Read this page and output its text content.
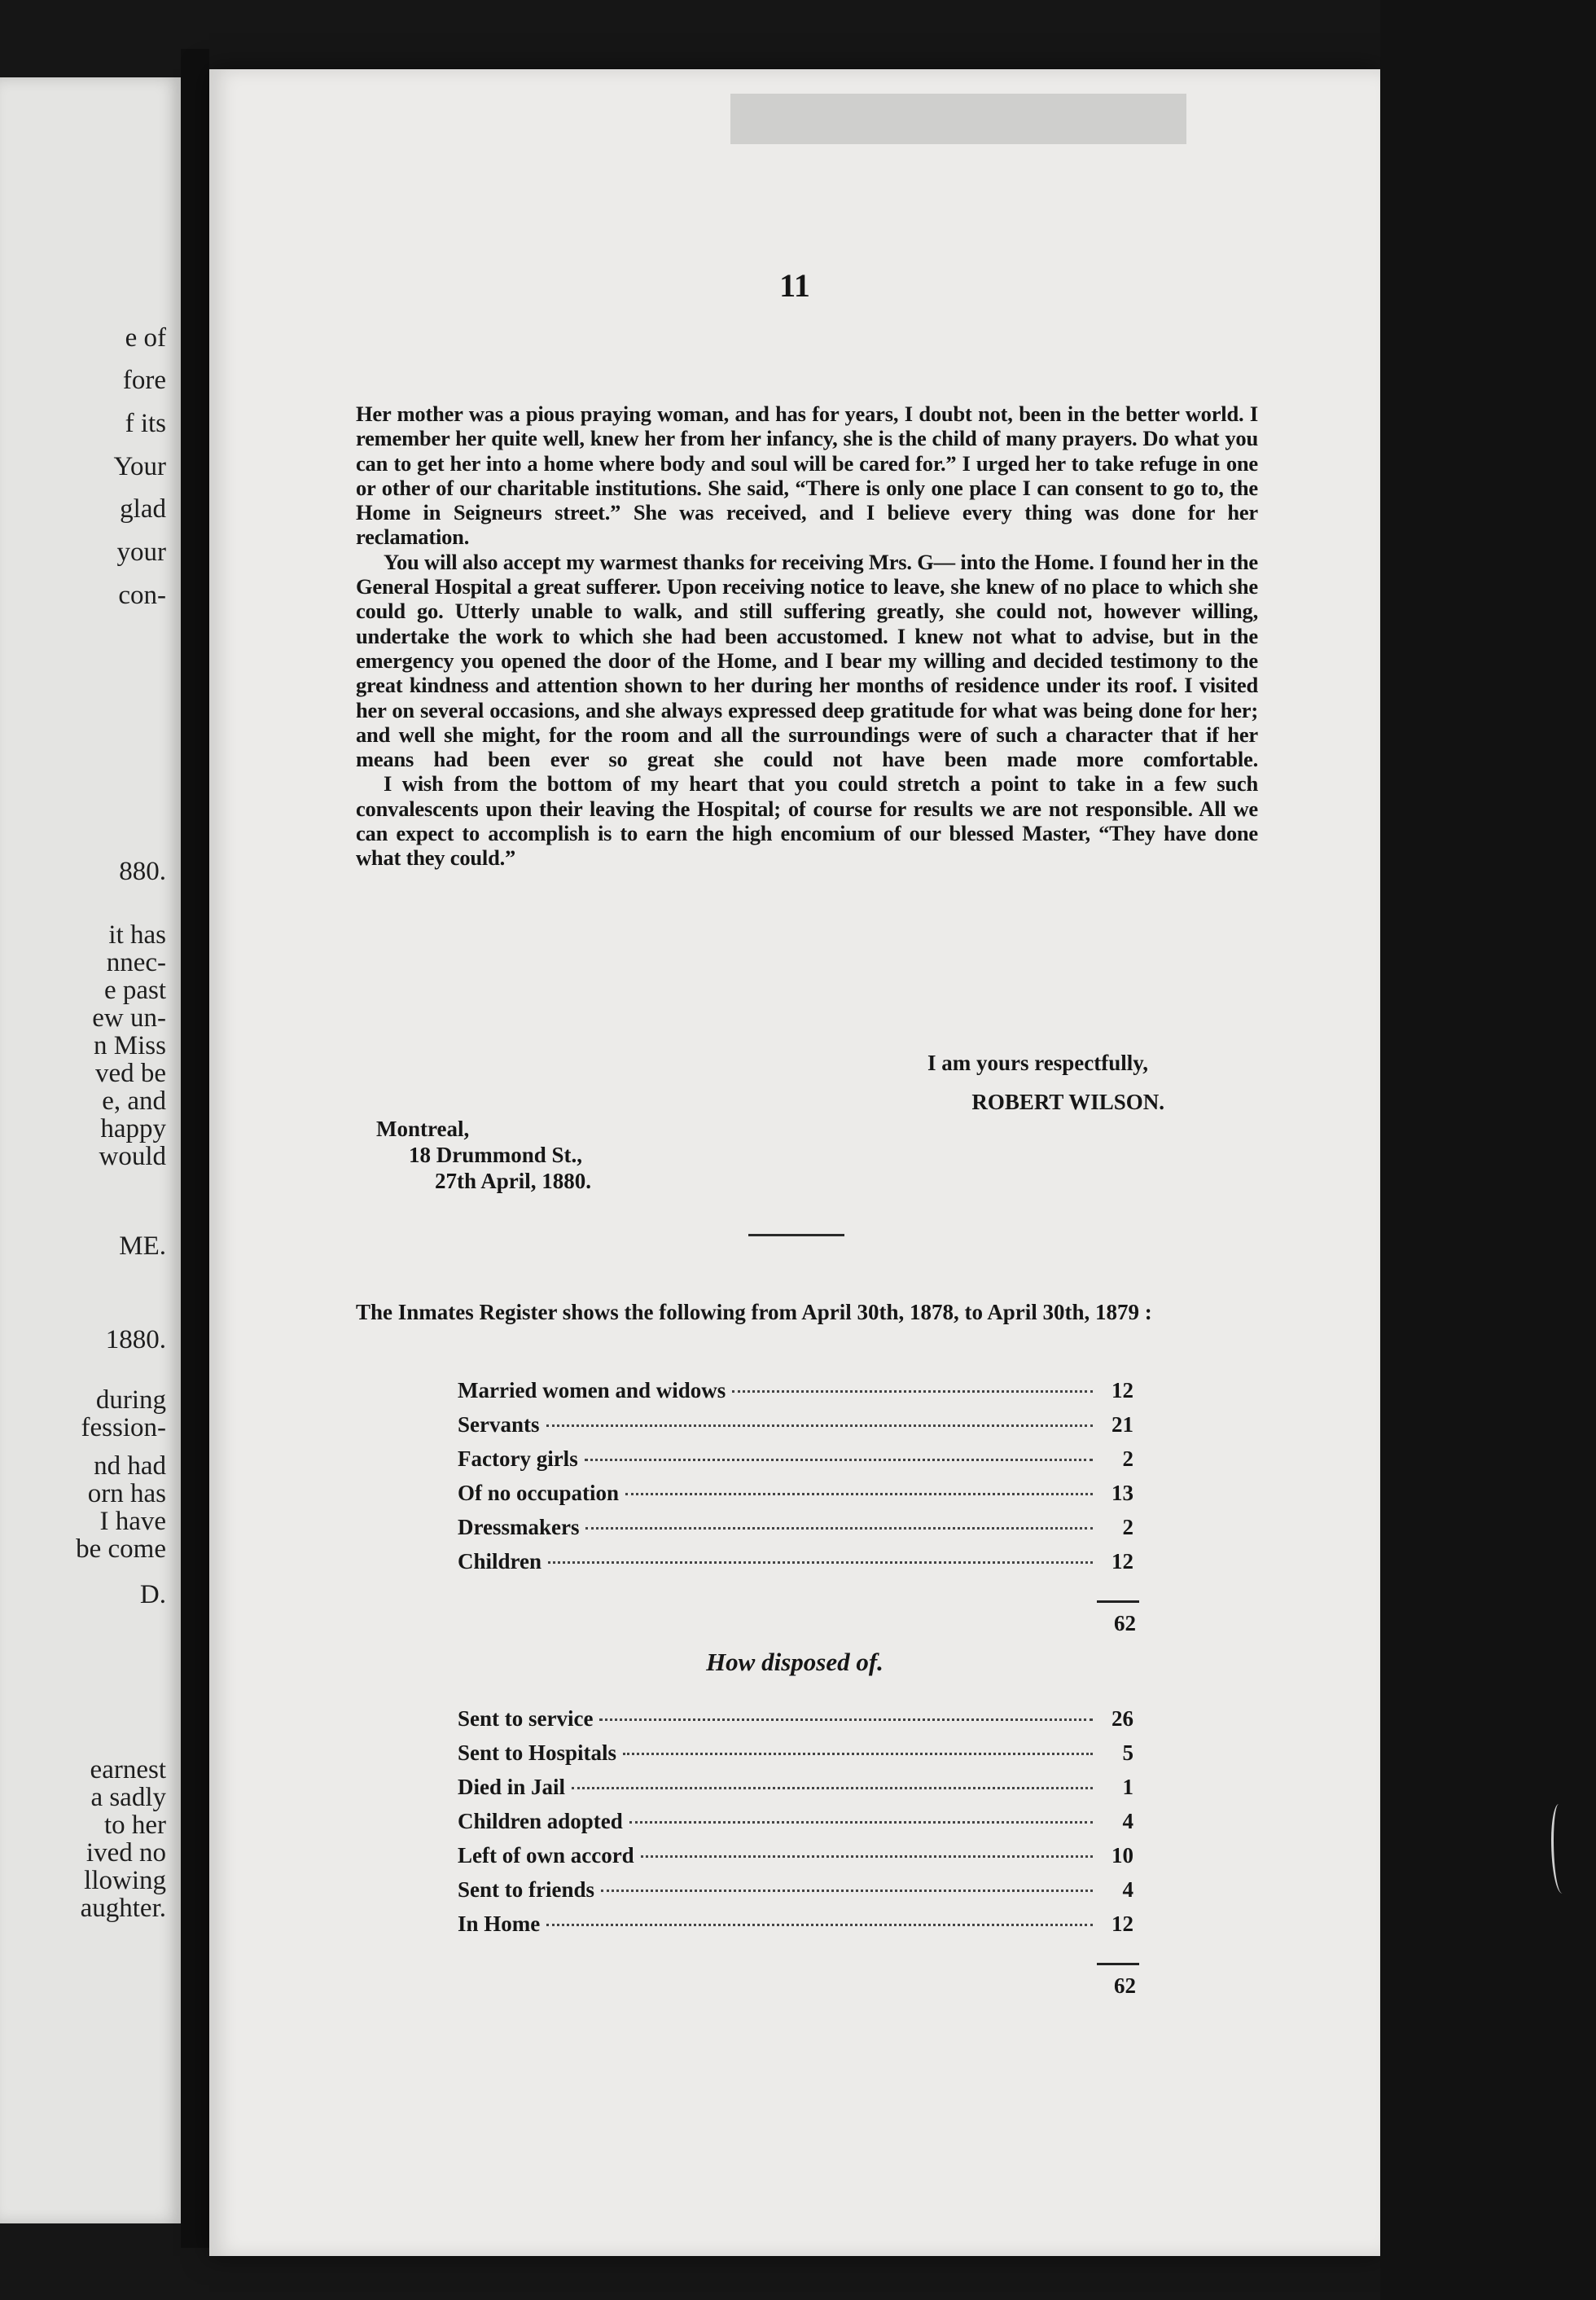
e of
fore
f its
Your
glad
your
con-
880.
it has
nnec-
e past
ew un-
n Miss
ved be
e, and
happy
would
ME.
1880.
during
fession-
nd had
orn has
I have
be come
D.
earnest
a sadly
to her
ived no
llowing
aughter.
11

Her mother was a pious praying woman, and has for years, I doubt not, been in the better world. I remember her quite well, knew her from her infancy, she is the child of many prayers. Do what you can to get her into a home where body and soul will be cared for.” I urged her to take refuge in one or other of our charitable institutions. She said, “There is only one place I can consent to go to, the Home in Seigneurs street.” She was received, and I believe every thing was done for her reclamation.

You will also accept my warmest thanks for receiving Mrs. G— into the Home. I found her in the General Hospital a great sufferer. Upon receiving notice to leave, she knew of no place to which she could go. Utterly unable to walk, and still suffering greatly, she could not, however willing, undertake the work to which she had been accustomed. I knew not what to advise, but in the emergency you opened the door of the Home, and I bear my willing and decided testimony to the great kindness and attention shown to her during her months of residence under its roof. I visited her on several occasions, and she always expressed deep gratitude for what was being done for her; and well she might, for the room and all the surroundings were of such a character that if her means had been ever so great she could not have been made more comfortable.

I wish from the bottom of my heart that you could stretch a point to take in a few such convalescents upon their leaving the Hospital; of course for results we are not responsible. All we can expect to accomplish is to earn the high encomium of our blessed Master, “They have done what they could.”

I am yours respectfully,
ROBERT WILSON.
Montreal,
18 Drummond St.,
27th April, 1880.
The Inmates Register shows the following from April 30th, 1878, to April 30th, 1879 :
Married women and widows	12
Servants	21
Factory girls	2
Of no occupation	13
Dressmakers	2
Children	12
62
How disposed of.
Sent to service	26
Sent to Hospitals	5
Died in Jail	1
Children adopted	4
Left of own accord	10
Sent to friends	4
In Home	12
62
